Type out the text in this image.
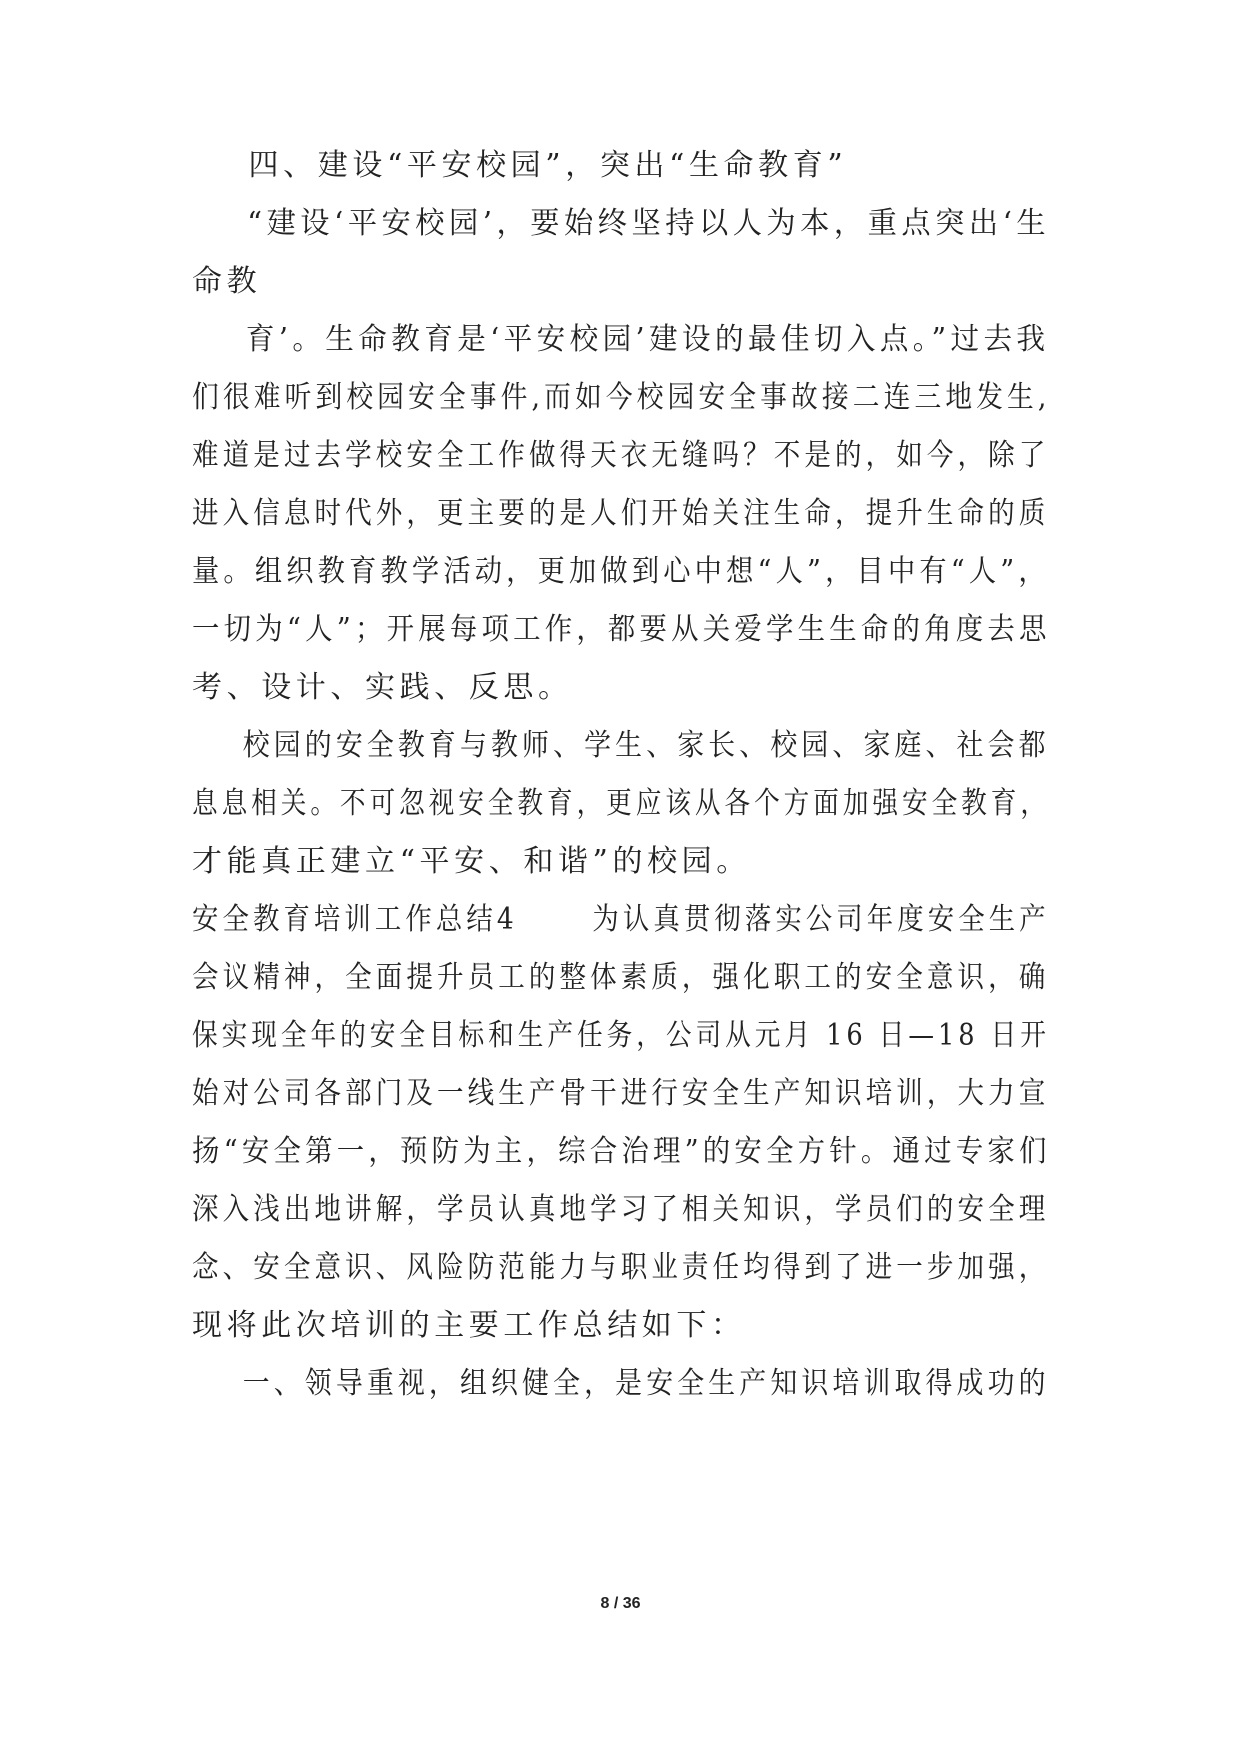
四、建设“平安校园”，突出“生命教育”
“建设‘平安校园’，要始终坚持以人为本，重点突出‘生
命教
育’。生命教育是‘平安校园’建设的最佳切入点。”过去我
们很难听到校园安全事件,而如今校园安全事故接二连三地发生,
难道是过去学校安全工作做得天衣无缝吗？不是的，如今，除了
进入信息时代外，更主要的是人们开始关注生命，提升生命的质
量。组织教育教学活动，更加做到心中想“人”，目中有“人”，
一切为“人”；开展每项工作，都要从关爱学生生命的角度去思
考、设计、实践、反思。
校园的安全教育与教师、学生、家长、校园、家庭、社会都
息息相关。不可忽视安全教育，更应该从各个方面加强安全教育，
才能真正建立“平安、和谐”的校园。
安全教育培训工作总结4      为认真贯彻落实公司年度安全生产
会议精神，全面提升员工的整体素质，强化职工的安全意识，确
保实现全年的安全目标和生产任务，公司从元月 16 日—18 日开
始对公司各部门及一线生产骨干进行安全生产知识培训，大力宣
扬“安全第一，预防为主，综合治理”的安全方针。通过专家们
深入浅出地讲解，学员认真地学习了相关知识，学员们的安全理
念、安全意识、风险防范能力与职业责任均得到了进一步加强，
现将此次培训的主要工作总结如下：
一、领导重视，组织健全，是安全生产知识培训取得成功的
8 / 36
